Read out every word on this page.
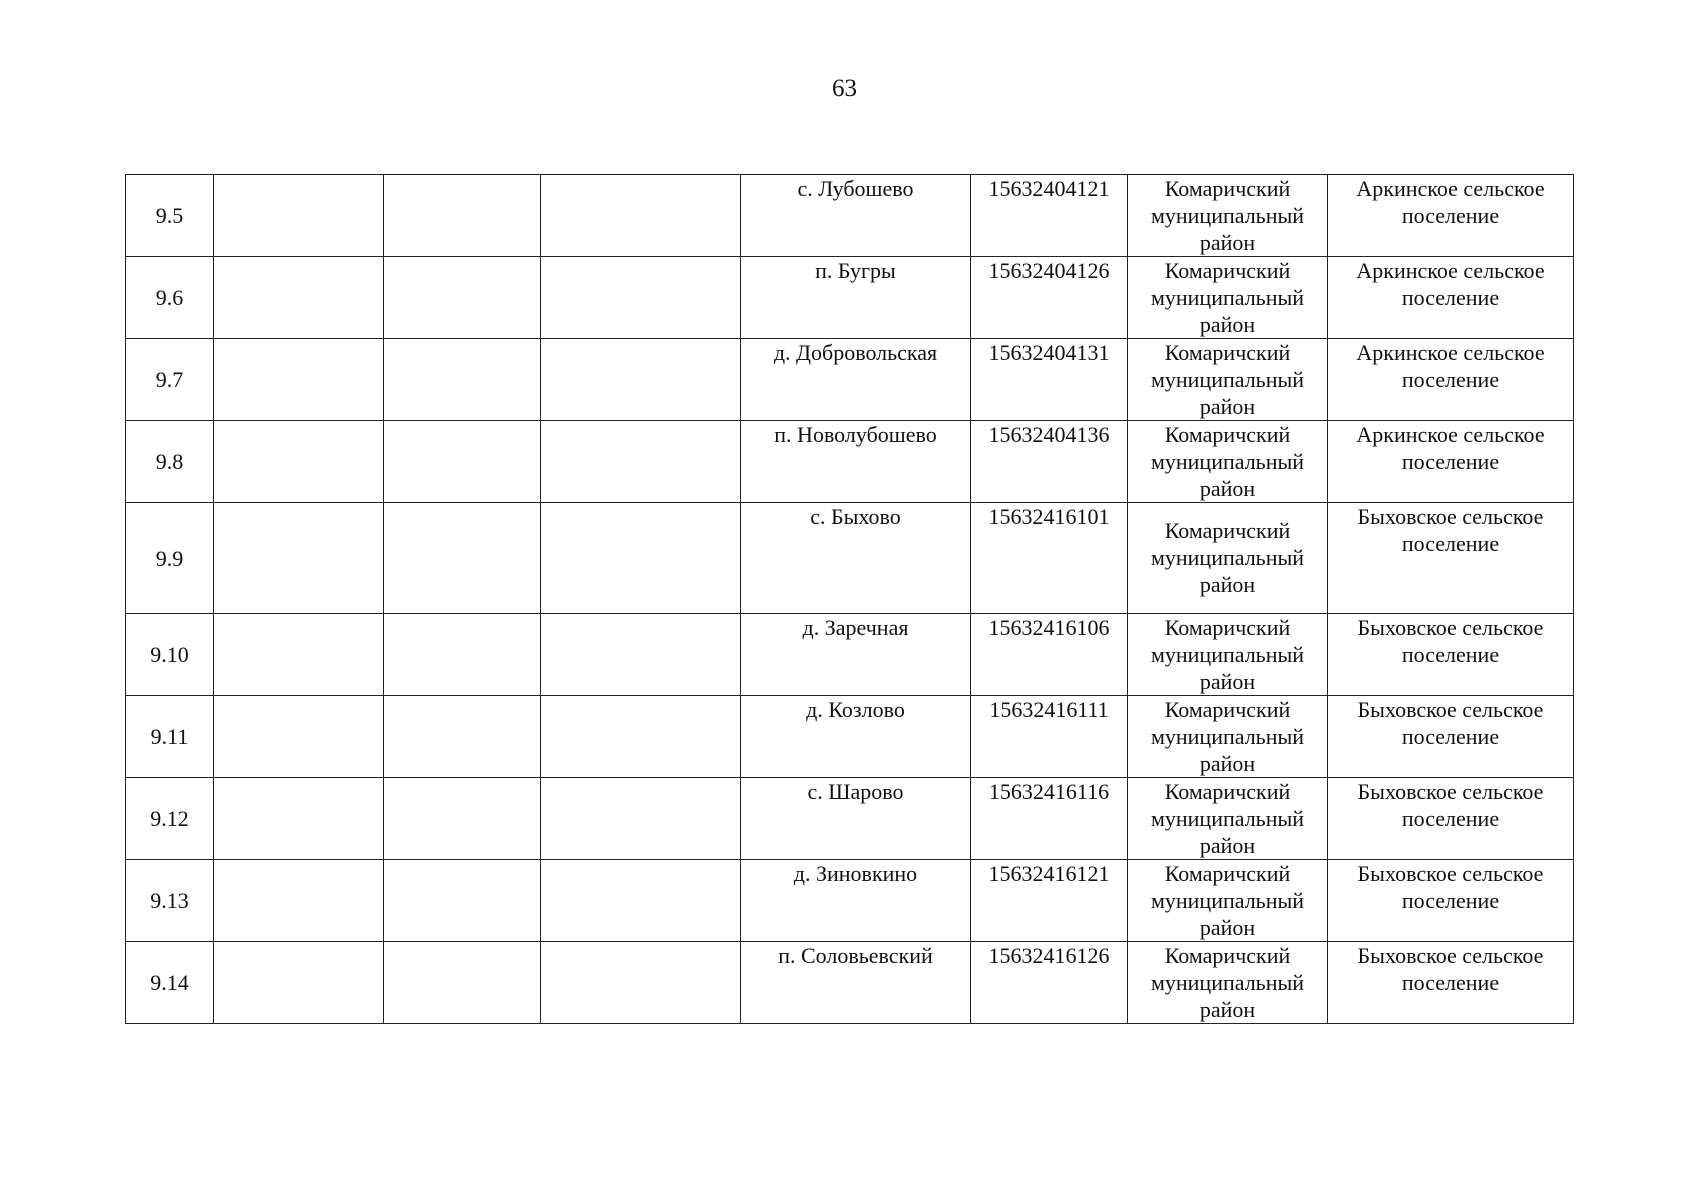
63
9.5				с. Лубошево	15632404121	Комаричский муниципальный район	Аркинское сельское поселение
9.6				п. Бугры	15632404126	Комаричский муниципальный район	Аркинское сельское поселение
9.7				д. Добровольская	15632404131	Комаричский муниципальный район	Аркинское сельское поселение
9.8				п. Новолубошево	15632404136	Комаричский муниципальный район	Аркинское сельское поселение
9.9				с. Быхово	15632416101	Комаричский муниципальный район	Быховское сельское поселение
9.10				д. Заречная	15632416106	Комаричский муниципальный район	Быховское сельское поселение
9.11				д. Козлово	15632416111	Комаричский муниципальный район	Быховское сельское поселение
9.12				с. Шарово	15632416116	Комаричский муниципальный район	Быховское сельское поселение
9.13				д. Зиновкино	15632416121	Комаричский муниципальный район	Быховское сельское поселение
9.14				п. Соловьевский	15632416126	Комаричский муниципальный район	Быховское сельское поселение
